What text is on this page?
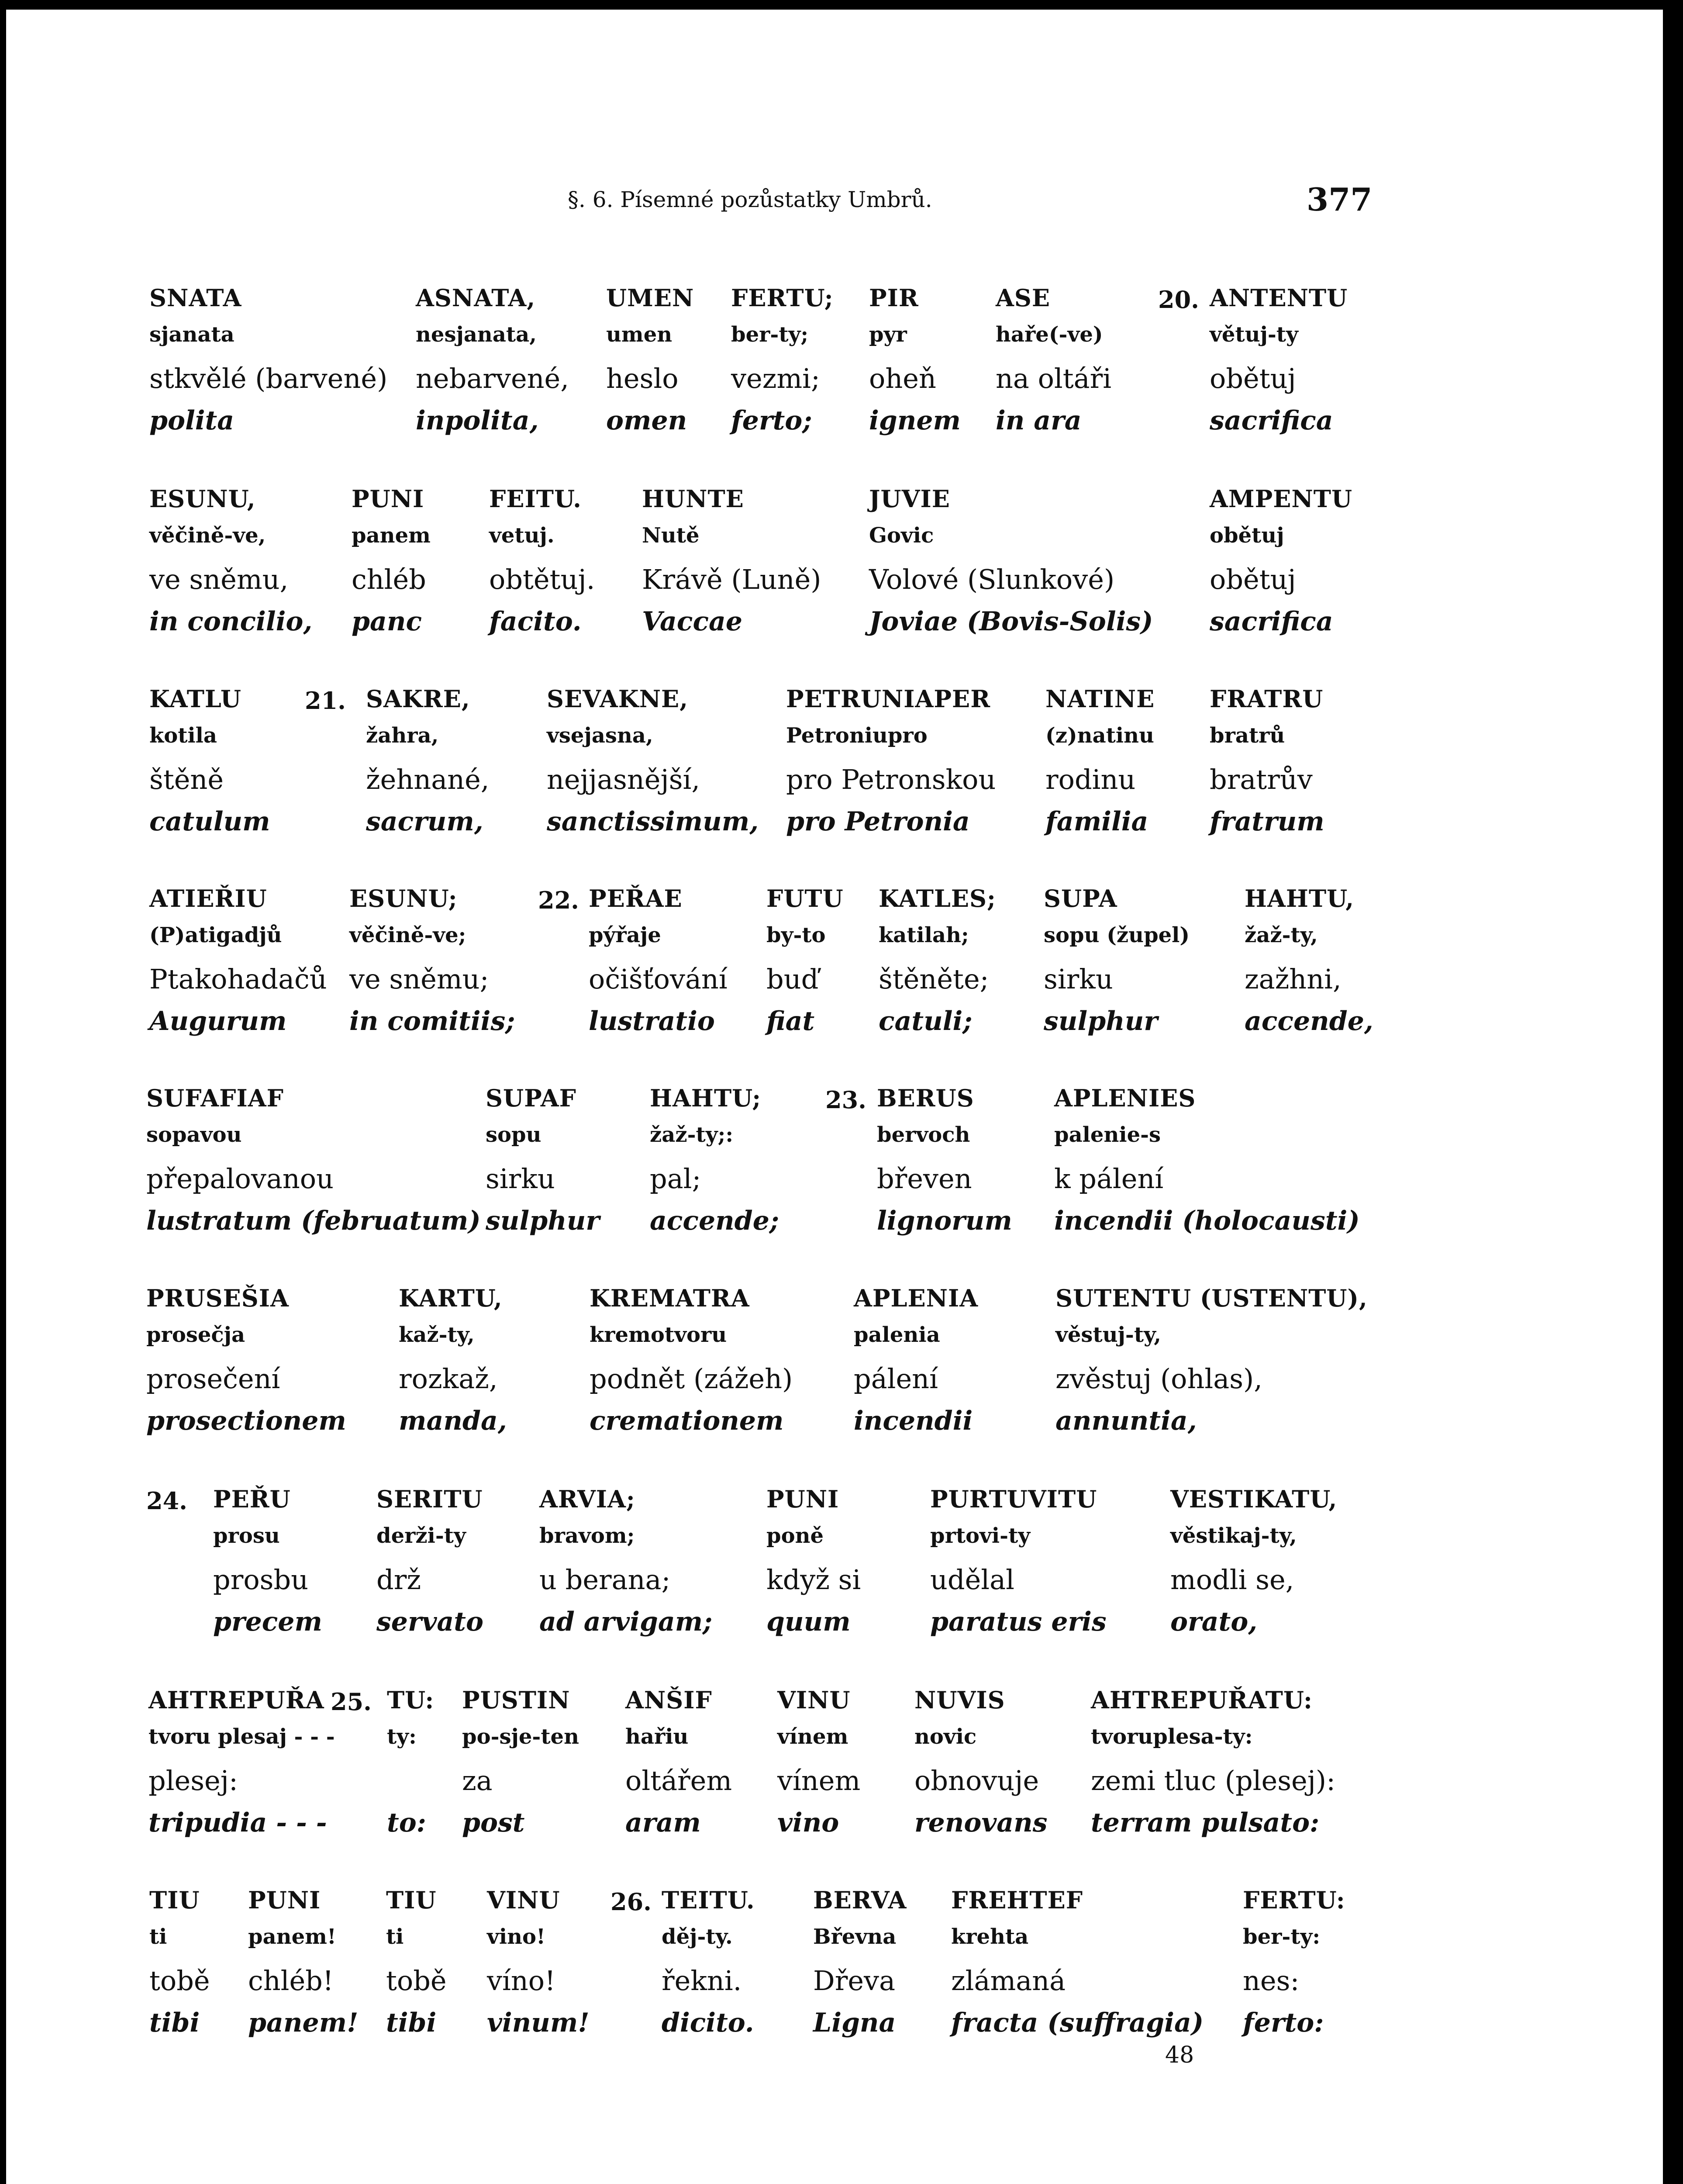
§. 6. Písemné pozůstatky Umbrů.	377
SNATA
sjanata
stkvělé (barvené)
polita
ASNATA,
nesjanata,
nebarvené,
inpolita,
UMEN
umen
heslo
omen
FERTU;
ber-ty;
vezmi;
ferto;
PIR
pyr
oheň
ignem
ASE
haře(-ve)
na oltáři
in ara
20. ANTENTU
větuj-ty
obětuj
sacrifica
ESUNU,
věčině-ve,
ve sněmu,
in concilio,
PUNI
panem
chléb
panc
FEITU.
vetuj.
obtětuj.
facito.
HUNTE
Nutě
Krávě (Luně)
Vaccae
JUVIE
Govic
Volové (Slunkové)
Joviae (Bovis-Solis)
AMPENTU
obětuj
obětuj
sacrifica
KATLU
kotila
štěně
catulum
21. SAKRE,
žahra,
žehnané,
sacrum,
SEVAKNE,
vsejasna,
nejjasnější,
sanctissimum,
PETRUNIAPER
Petroniupro
pro Petronskou
pro Petronia
NATINE
(z)natinu
rodinu
familia
FRATRU
bratrů
bratrův
fratrum
ATIEŘIU
(P)atigadjů
Ptakohadačů
Augurum
ESUNU;
věčině-ve;
ve sněmu;
in comitiis;
22. PEŘAE
pýřaje
očišťování
lustratio
FUTU
by-to
buď
fiat
KATLES;
katilah;
štěněte;
catuli;
SUPA
sopu (župel)
sirku
sulphur
HAHTU,
žaž-ty,
zažhni,
accende,
SUFAFIAF
sopavou
přepalovanou
lustratum (februatum)
SUPAF
sopu
sirku
sulphur
HAHTU;
žaž-ty;:
pal;
accende;
23. BERUS
bervoch
břeven
lignorum
APLENIES
palenie-s
k pálení
incendii (holocausti)
PRUSEŠIA
prosečja
prosečení
prosectionem
KARTU,
kaž-ty,
rozkaž,
manda,
KREMATRA
kremotvoru
podnět (zážeh)
cremationem
APLENIA
palenia
pálení
incendii
SUTENTU (USTENTU),
věstuj-ty,
zvěstuj (ohlas),
annuntia,
24. PEŘU
prosu
prosbu
precem
SERITU
derži-ty
drž
servato
ARVIA;
bravom;
u berana;
ad arvigam;
PUNI
poně
když si
quum
PURTUVITU
prtovi-ty
udělal
paratus eris
VESTIKATU,
věstikaj-ty,
modli se,
orato,
AHTREPUŘA
tvoru plesaj - - -
plesej:
tripudia - - -
25. TU:
ty:
to:
PUSTIN
po-sje-ten
za
post
ANŠIF
hařiu
oltářem
aram
VINU
vínem
vínem
vino
NUVIS
novic
obnovuje
renovans
AHTREPUŘATU:
tvoruplesa-ty:
zemi tluc (plesej):
terram pulsato:
TIU
ti
tobě
tibi
PUNI
panem!
chléb!
panem!
TIU
ti
tobě
tibi
VINU
vino!
víno!
vinum!
26. TEITU.
děj-ty.
řekni.
dicito.
BERVA
Břevna
Dřeva
Ligna
FREHTEF
krehta
zlámaná
fracta (suffragia)
FERTU:
ber-ty:
nes:
ferto:
48
